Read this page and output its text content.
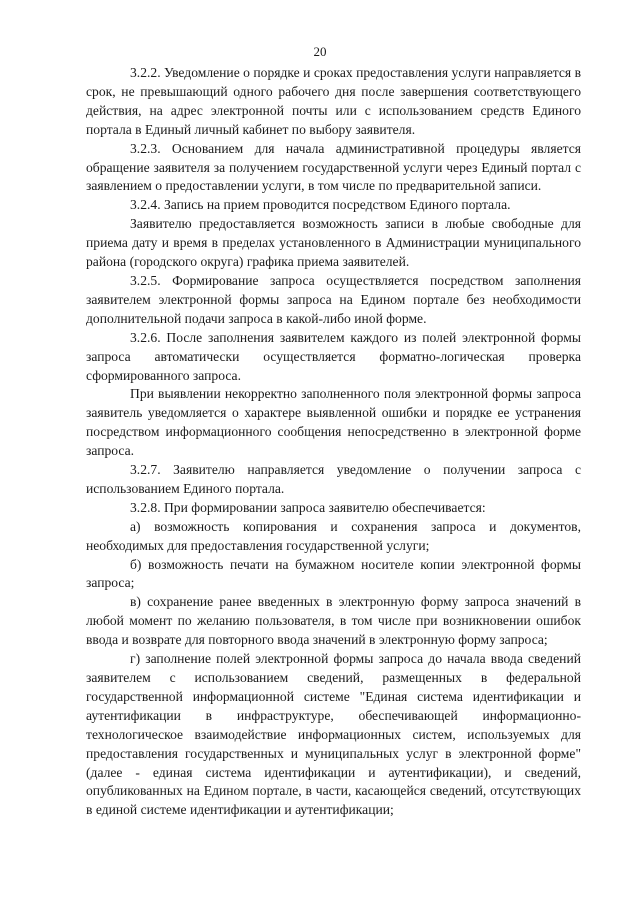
20

3.2.2. Уведомление о порядке и сроках предоставления услуги направляется в срок, не превышающий одного рабочего дня после завершения соответствующего действия, на адрес электронной почты или с использованием средств Единого портала в Единый личный кабинет по выбору заявителя.

3.2.3. Основанием для начала административной процедуры является обращение заявителя за получением государственной услуги через Единый портал с заявлением о предоставлении услуги, в том числе по предварительной записи.

3.2.4. Запись на прием проводится посредством Единого портала.

Заявителю предоставляется возможность записи в любые свободные для приема дату и время в пределах установленного в Администрации муниципального района (городского округа) графика приема заявителей.

3.2.5. Формирование запроса осуществляется посредством заполнения заявителем электронной формы запроса на Едином портале без необходимости дополнительной подачи запроса в какой-либо иной форме.

3.2.6. После заполнения заявителем каждого из полей электронной формы запроса автоматически осуществляется форматно-логическая проверка сформированного запроса.

При выявлении некорректно заполненного поля электронной формы запроса заявитель уведомляется о характере выявленной ошибки и порядке ее устранения посредством информационного сообщения непосредственно в электронной форме запроса.

3.2.7. Заявителю направляется уведомление о получении запроса с использованием Единого портала.

3.2.8. При формировании запроса заявителю обеспечивается:

а) возможность копирования и сохранения запроса и документов, необходимых для предоставления государственной услуги;

б) возможность печати на бумажном носителе копии электронной формы запроса;

в) сохранение ранее введенных в электронную форму запроса значений в любой момент по желанию пользователя, в том числе при возникновении ошибок ввода и возврате для повторного ввода значений в электронную форму запроса;

г) заполнение полей электронной формы запроса до начала ввода сведений заявителем с использованием сведений, размещенных в федеральной государственной информационной системе "Единая система идентификации и аутентификации в инфраструктуре, обеспечивающей информационно-технологическое взаимодействие информационных систем, используемых для предоставления государственных и муниципальных услуг в электронной форме" (далее - единая система идентификации и аутентификации), и сведений, опубликованных на Едином портале, в части, касающейся сведений, отсутствующих в единой системе идентификации и аутентификации;
